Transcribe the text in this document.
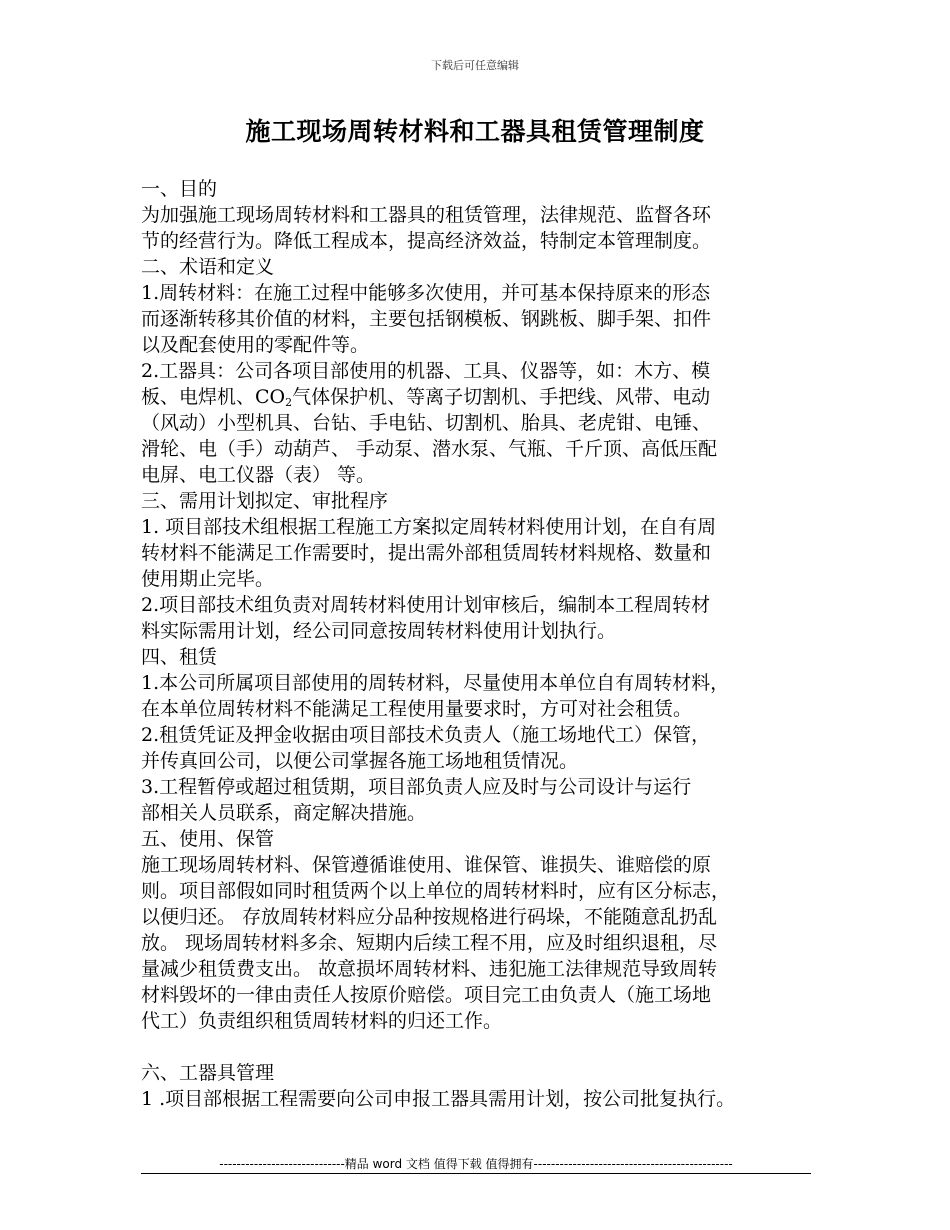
下载后可任意编辑
施工现场周转材料和工器具租赁管理制度
一、目的
为加强施工现场周转材料和工器具的租赁管理，法律规范、监督各环
节的经营行为。降低工程成本，提高经济效益，特制定本管理制度。
二、术语和定义
1.周转材料：在施工过程中能够多次使用，并可基本保持原来的形态
而逐渐转移其价值的材料，主要包括钢模板、钢跳板、脚手架、扣件
以及配套使用的零配件等。
2.工器具：公司各项目部使用的机器、工具、仪器等，如：木方、模
板、电焊机、$CO_2$气体保护机、等离子切割机、手把线、风带、电动
（风动）小型机具、台钻、手电钻、切割机、胎具、老虎钳、电锤、
滑轮、电（手）动葫芦、 手动泵、潜水泵、气瓶、千斤顶、高低压配
电屏、电工仪器（表） 等。
三、需用计划拟定、审批程序
1. 项目部技术组根据工程施工方案拟定周转材料使用计划，在自有周
转材料不能满足工作需要时，提出需外部租赁周转材料规格、数量和
使用期止完毕。
2.项目部技术组负责对周转材料使用计划审核后，编制本工程周转材
料实际需用计划，经公司同意按周转材料使用计划执行。
四、租赁
1.本公司所属项目部使用的周转材料，尽量使用本单位自有周转材料，
在本单位周转材料不能满足工程使用量要求时，方可对社会租赁。
2.租赁凭证及押金收据由项目部技术负责人（施工场地代工）保管，
并传真回公司，以便公司掌握各施工场地租赁情况。
3.工程暂停或超过租赁期，项目部负责人应及时与公司设计与运行
部相关人员联系，商定解决措施。
五、使用、保管
施工现场周转材料、保管遵循谁使用、谁保管、谁损失、谁赔偿的原
则。项目部假如同时租赁两个以上单位的周转材料时，应有区分标志，
以便归还。 存放周转材料应分品种按规格进行码垛，不能随意乱扔乱
放。 现场周转材料多余、短期内后续工程不用，应及时组织退租，尽
量减少租赁费支出。 故意损坏周转材料、违犯施工法律规范导致周转
材料毁坏的一律由责任人按原价赔偿。项目完工由负责人（施工场地
代工）负责组织租赁周转材料的归还工作。
六、工器具管理
1 .项目部根据工程需要向公司申报工器具需用计划，按公司批复执行。
-----------------------------精品 word 文档 值得下载 值得拥有----------------------------------------------
